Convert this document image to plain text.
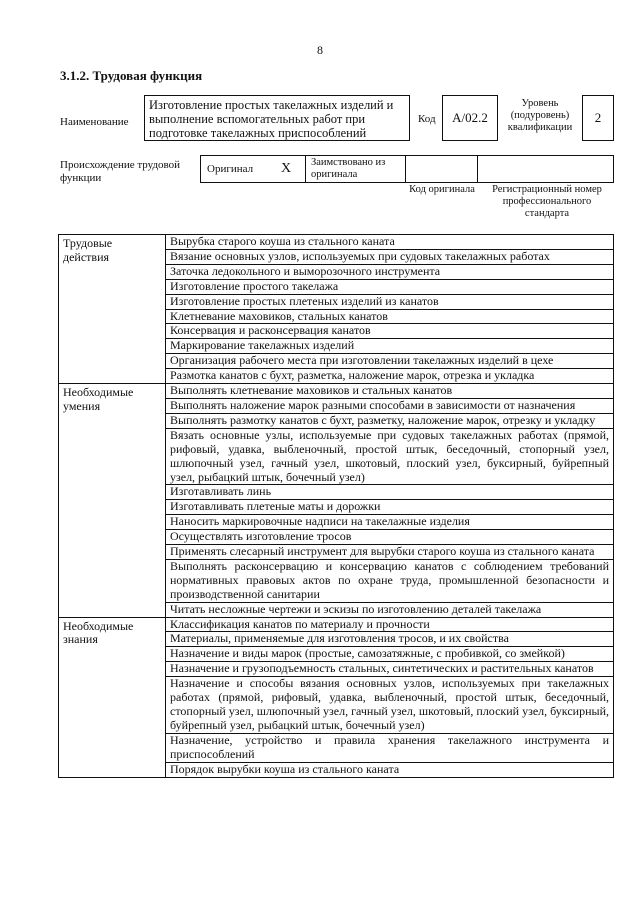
8
3.1.2. Трудовая функция
Наименование
Изготовление простых такелажных изделий и выполнение вспомогательных работ при подготовке такелажных приспособлений
Код А/02.2
Уровень (подуровень) квалификации
2
Происхождение трудовой функции
Оригинал X Заимствовано из оригинала
Код оригинала	Регистрационный номер профессионального стандарта
Трудовые действия	Вырубка старого коуша из стального каната
	Вязание основных узлов, используемых при судовых такелажных работах
	Заточка ледокольного и выморозочного инструмента
	Изготовление простого такелажа
	Изготовление простых плетеных изделий из канатов
	Клетневание маховиков, стальных канатов
	Консервация и расконсервация канатов
	Маркирование такелажных изделий
	Организация рабочего места при изготовлении такелажных изделий в цехе
	Размотка канатов с бухт, разметка, наложение марок, отрезка и укладка
Необходимые умения	Выполнять клетневание маховиков и стальных канатов
	Выполнять наложение марок разными способами в зависимости от назначения
	Выполнять размотку канатов с бухт, разметку, наложение марок, отрезку и укладку
	Вязать основные узлы, используемые при судовых такелажных работах (прямой, рифовый, удавка, выбленочный, простой штык, беседочный, стопорный узел, шлюпочный узел, гачный узел, шкотовый, плоский узел, буксирный, буйрепный узел, рыбацкий штык, бочечный узел)
	Изготавливать линь
	Изготавливать плетеные маты и дорожки
	Наносить маркировочные надписи на такелажные изделия
	Осуществлять изготовление тросов
	Применять слесарный инструмент для вырубки старого коуша из стального каната
	Выполнять расконсервацию и консервацию канатов с соблюдением требований нормативных правовых актов по охране труда, промышленной безопасности и производственной санитарии
	Читать несложные чертежи и эскизы по изготовлению деталей такелажа
Необходимые знания	Классификация канатов по материалу и прочности
	Материалы, применяемые для изготовления тросов, и их свойства
	Назначение и виды марок (простые, самозатяжные, с пробивкой, со змейкой)
	Назначение и грузоподъемность стальных, синтетических и растительных канатов
	Назначение и способы вязания основных узлов, используемых при такелажных работах (прямой, рифовый, удавка, выбленочный, простой штык, беседочный, стопорный узел, шлюпочный узел, гачный узел, шкотовый, плоский узел, буксирный, буйрепный узел, рыбацкий штык, бочечный узел)
	Назначение, устройство и правила хранения такелажного инструмента и приспособлений
	Порядок вырубки коуша из стального каната
